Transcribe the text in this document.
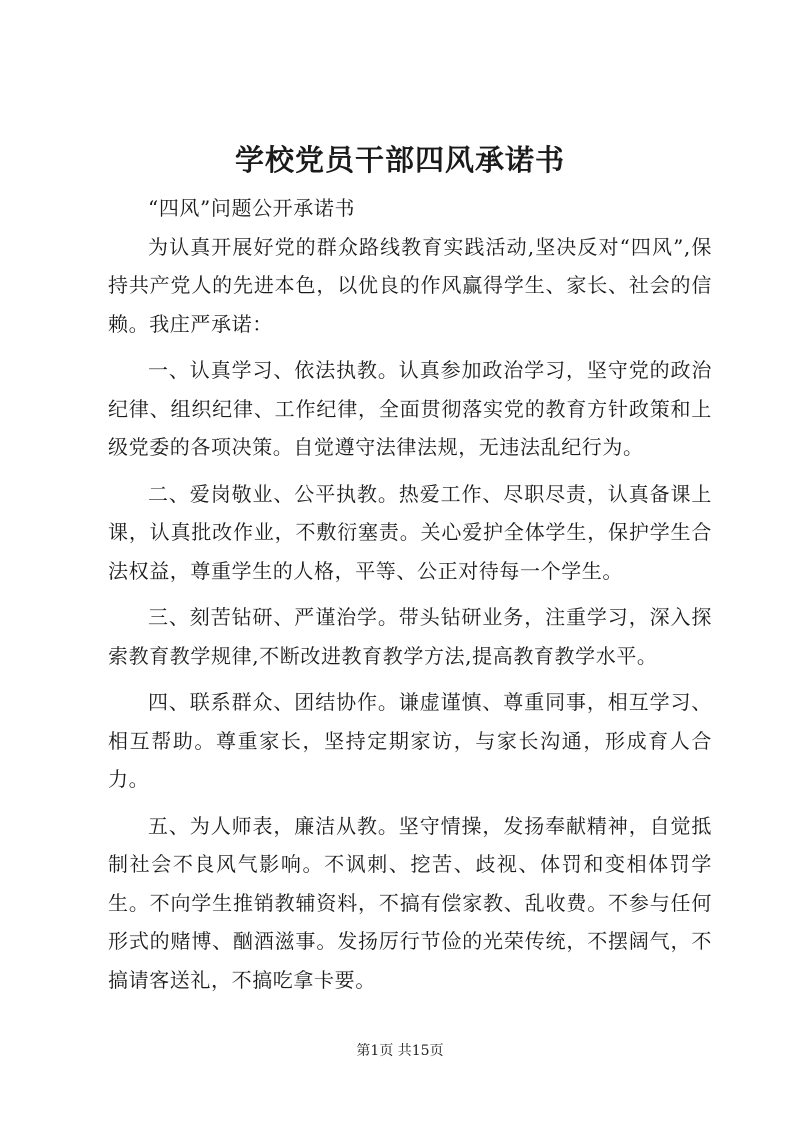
学校党员干部四风承诺书

“四风”问题公开承诺书

为认真开展好党的群众路线教育实践活动,坚决反对“四风”,保持共产党人的先进本色，以优良的作风赢得学生、家长、社会的信赖。我庄严承诺：

一、认真学习、依法执教。认真参加政治学习，坚守党的政治纪律、组织纪律、工作纪律，全面贯彻落实党的教育方针政策和上级党委的各项决策。自觉遵守法律法规，无违法乱纪行为。

二、爱岗敬业、公平执教。热爱工作、尽职尽责，认真备课上课，认真批改作业，不敷衍塞责。关心爱护全体学生，保护学生合法权益，尊重学生的人格，平等、公正对待每一个学生。

三、刻苦钻研、严谨治学。带头钻研业务，注重学习，深入探索教育教学规律,不断改进教育教学方法,提高教育教学水平。

四、联系群众、团结协作。谦虚谨慎、尊重同事，相互学习、相互帮助。尊重家长，坚持定期家访，与家长沟通，形成育人合力。

五、为人师表，廉洁从教。坚守情操，发扬奉献精神，自觉抵制社会不良风气影响。不讽刺、挖苦、歧视、体罚和变相体罚学生。不向学生推销教辅资料，不搞有偿家教、乱收费。不参与任何形式的赌博、酗酒滋事。发扬厉行节俭的光荣传统，不摆阔气，不搞请客送礼，不搞吃拿卡要。

第1页 共15页
